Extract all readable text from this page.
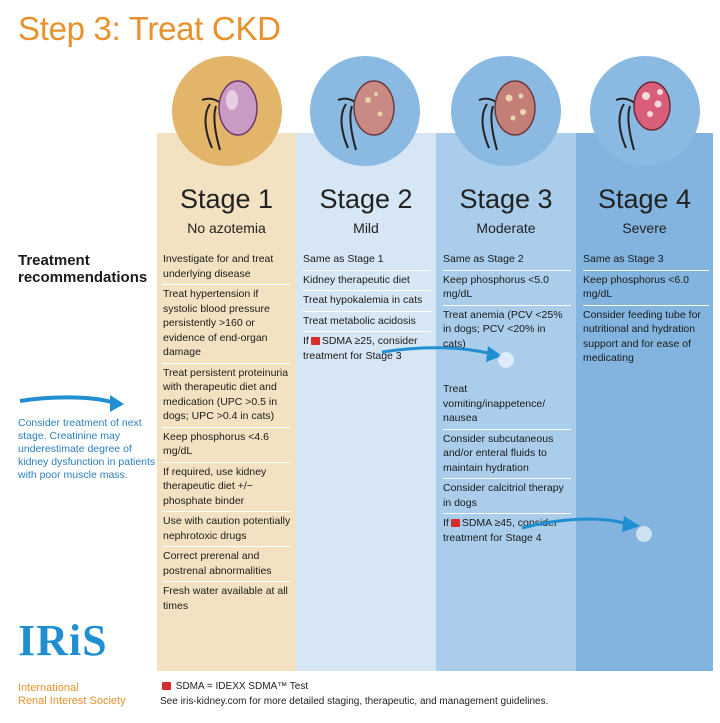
Step 3: Treat CKD
Stage 1
No azotemia
Stage 2
Mild
Stage 3
Moderate
Stage 4
Severe
Treatment
recommendations
Consider treatment of next stage. Creatinine may underestimate degree of kidney dysfunction in patients with poor muscle mass.
Investigate for and treat underlying disease
Treat hypertension if systolic blood pressure persistently >160 or evidence of end-organ damage
Treat persistent proteinuria with therapeutic diet and medication (UPC >0.5 in dogs; UPC >0.4 in cats)
Keep phosphorus <4.6 mg/dL
If required, use kidney therapeutic diet +/− phosphate binder
Use with caution potentially nephrotoxic drugs
Correct prerenal and postrenal abnormalities
Fresh water available at all times
Same as Stage 1
Kidney therapeutic diet
Treat hypokalemia in cats
Treat metabolic acidosis
If SDMA ≥25, consider treatment for Stage 3
Same as Stage 2
Keep phosphorus <5.0 mg/dL
Treat anemia (PCV <25% in dogs; PCV <20% in cats)
Treat vomiting/inappetence/ nausea
Consider subcutaneous and/or enteral fluids to maintain hydration
Consider calcitriol therapy in dogs
If SDMA ≥45, consider treatment for Stage 4
Same as Stage 3
Keep phosphorus <6.0 mg/dL
Consider feeding tube for nutritional and hydration support and for ease of medicating
IRiS
International
Renal Interest Society
SDMA = IDEXX SDMA™ Test
See iris-kidney.com for more detailed staging, therapeutic, and management guidelines.
